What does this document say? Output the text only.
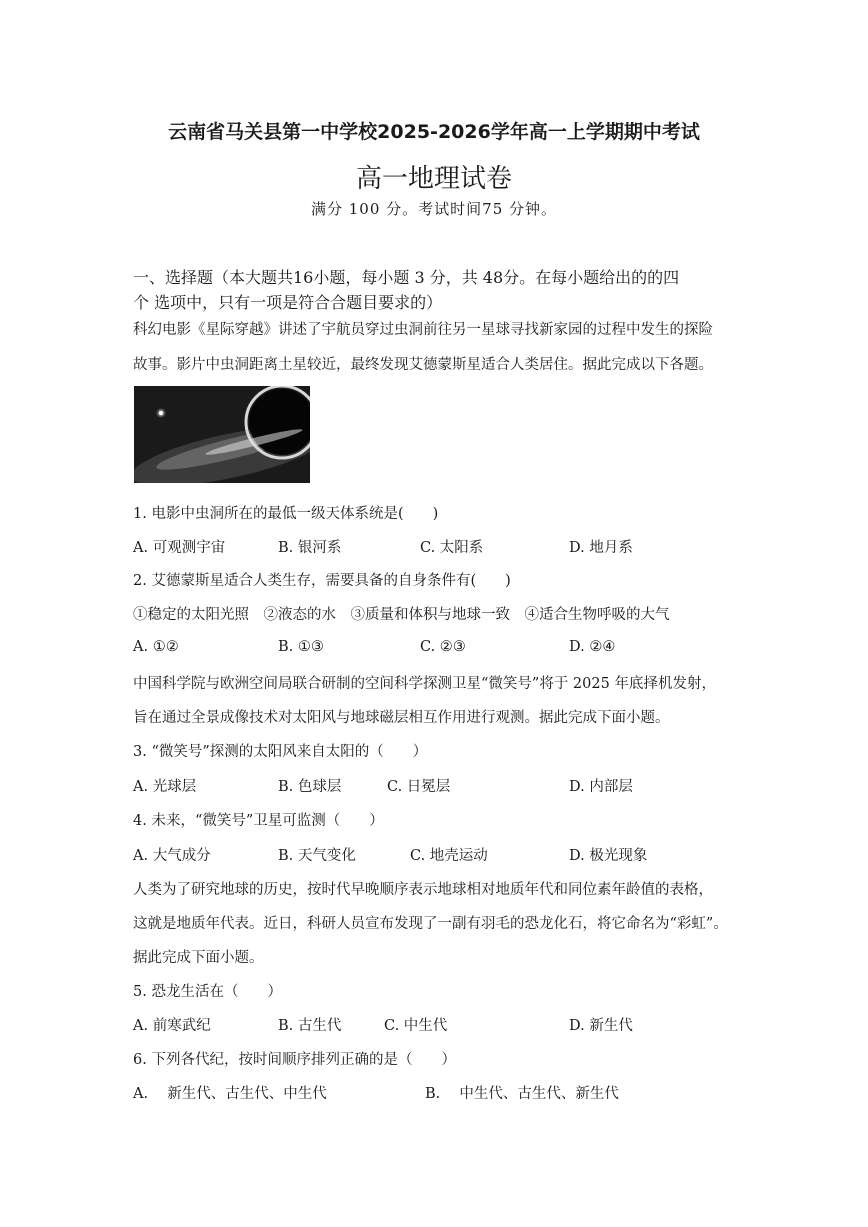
云南省马关县第一中学校2025-2026学年高一上学期期中考试
高一地理试卷
满分 100 分。考试时间75 分钟。
一、选择题（本大题共16小题，每小题 3 分，共 48分。在每小题给出的的四
个 选项中，只有一项是符合合题目要求的）
科幻电影《星际穿越》讲述了宇航员穿过虫洞前往另一星球寻找新家园的过程中发生的探险
故事。影片中虫洞距离土星较近，最终发现艾德蒙斯星适合人类居住。据此完成以下各题。
1. 电影中虫洞所在的最低一级天体系统是(　　)
A. 可观测宇宙	B. 银河系	C. 太阳系	D. 地月系
2. 艾德蒙斯星适合人类生存，需要具备的自身条件有(　　)
①稳定的太阳光照　②液态的水　③质量和体积与地球一致　④适合生物呼吸的大气
A. ①②	B. ①③	C. ②③	D. ②④
中国科学院与欧洲空间局联合研制的空间科学探测卫星“微笑号”将于 2025 年底择机发射，
旨在通过全景成像技术对太阳风与地球磁层相互作用进行观测。据此完成下面小题。
3. “微笑号”探测的太阳风来自太阳的（　　）
A. 光球层	B. 色球层	C. 日冕层	D. 内部层
4. 未来，“微笑号”卫星可监测（　　）
A. 大气成分	B. 天气变化	C. 地壳运动	D. 极光现象
人类为了研究地球的历史，按时代早晚顺序表示地球相对地质年代和同位素年龄值的表格，
这就是地质年代表。近日，科研人员宣布发现了一副有羽毛的恐龙化石，将它命名为“彩虹”。
据此完成下面小题。
5. 恐龙生活在（　　）
A. 前寒武纪	B. 古生代	C. 中生代	D. 新生代
6. 下列各代纪，按时间顺序排列正确的是（　　）
A.　 新生代、古生代、中生代	B.　 中生代、古生代、新生代
